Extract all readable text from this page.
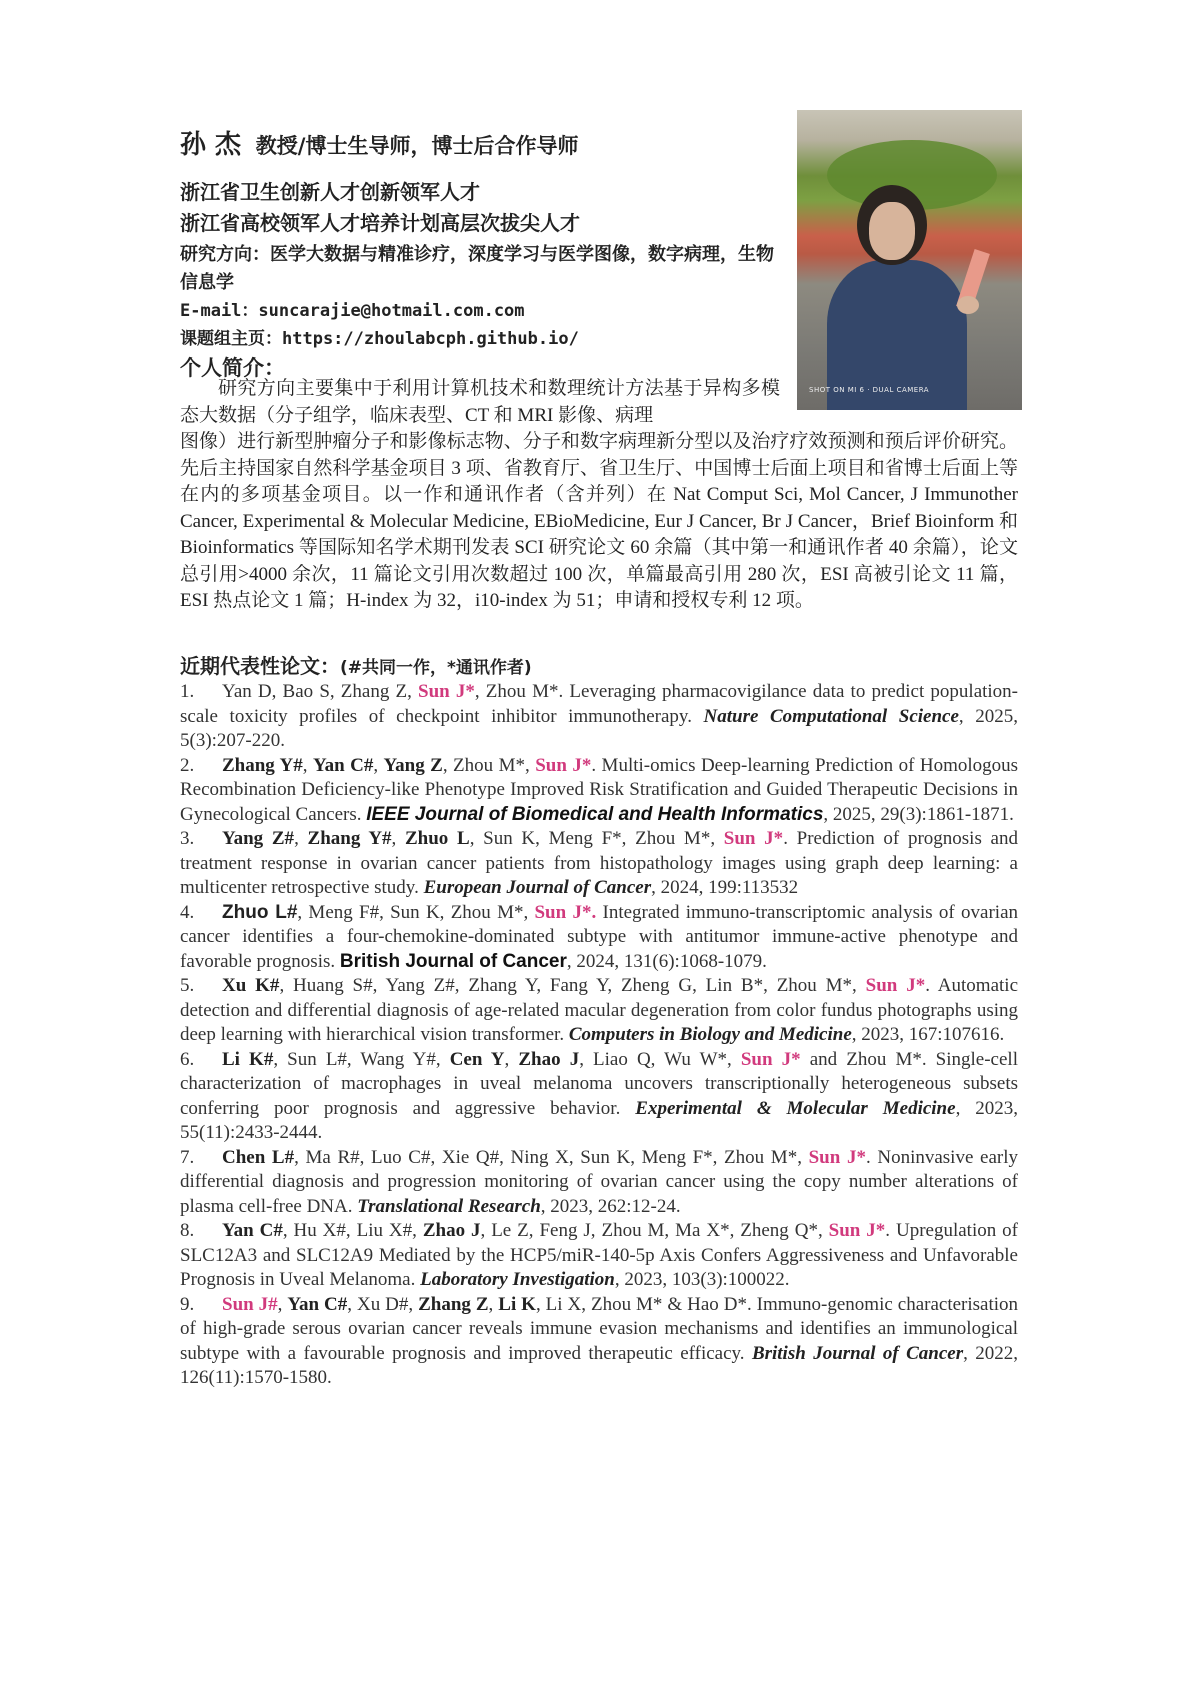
孙 杰 教授/博士生导师，博士后合作导师
浙江省卫生创新人才创新领军人才
浙江省高校领军人才培养计划高层次拔尖人才
研究方向：医学大数据与精准诊疗，深度学习与医学图像，数字病理，生物信息学
E-mail：suncarajie@hotmail.com.com
课题组主页：https://zhoulabcph.github.io/
个人简介：
SHOT ON MI 6 · DUAL CAMERA

研究方向主要集中于利用计算机技术和数理统计方法基于异构多模态大数据（分子组学，临床表型、CT 和 MRI 影像、病理

图像）进行新型肿瘤分子和影像标志物、分子和数字病理新分型以及治疗疗效预测和预后评价研究。先后主持国家自然科学基金项目 3 项、省教育厅、省卫生厅、中国博士后面上项目和省博士后面上等在内的多项基金项目。以一作和通讯作者（含并列）在 Nat Comput Sci, Mol Cancer, J Immunother Cancer, Experimental & Molecular Medicine, EBioMedicine, Eur J Cancer, Br J Cancer，Brief Bioinform 和 Bioinformatics 等国际知名学术期刊发表 SCI 研究论文 60 余篇（其中第一和通讯作者 40 余篇），论文总引用>4000 余次，11 篇论文引用次数超过 100 次，单篇最高引用 280 次，ESI 高被引论文 11 篇，ESI 热点论文 1 篇；H-index 为 32，i10-index 为 51；申请和授权专利 12 项。

近期代表性论文：(#共同一作，*通讯作者)

1. Yan D, Bao S, Zhang Z, Sun J*, Zhou M*. Leveraging pharmacovigilance data to predict population-scale toxicity profiles of checkpoint inhibitor immunotherapy. Nature Computational Science, 2025, 5(3):207-220.

2. Zhang Y#, Yan C#, Yang Z, Zhou M*, Sun J*. Multi-omics Deep-learning Prediction of Homologous Recombination Deficiency-like Phenotype Improved Risk Stratification and Guided Therapeutic Decisions in Gynecological Cancers. IEEE Journal of Biomedical and Health Informatics, 2025, 29(3):1861-1871.

3. Yang Z#, Zhang Y#, Zhuo L, Sun K, Meng F*, Zhou M*, Sun J*. Prediction of prognosis and treatment response in ovarian cancer patients from histopathology images using graph deep learning: a multicenter retrospective study. European Journal of Cancer, 2024, 199:113532

4. Zhuo L#, Meng F#, Sun K, Zhou M*, Sun J*. Integrated immuno-transcriptomic analysis of ovarian cancer identifies a four-chemokine-dominated subtype with antitumor immune-active phenotype and favorable prognosis. British Journal of Cancer, 2024, 131(6):1068-1079.

5. Xu K#, Huang S#, Yang Z#, Zhang Y, Fang Y, Zheng G, Lin B*, Zhou M*, Sun J*. Automatic detection and differential diagnosis of age-related macular degeneration from color fundus photographs using deep learning with hierarchical vision transformer. Computers in Biology and Medicine, 2023, 167:107616.

6. Li K#, Sun L#, Wang Y#, Cen Y, Zhao J, Liao Q, Wu W*, Sun J* and Zhou M*. Single-cell characterization of macrophages in uveal melanoma uncovers transcriptionally heterogeneous subsets conferring poor prognosis and aggressive behavior. Experimental & Molecular Medicine, 2023, 55(11):2433-2444.

7. Chen L#, Ma R#, Luo C#, Xie Q#, Ning X, Sun K, Meng F*, Zhou M*, Sun J*. Noninvasive early differential diagnosis and progression monitoring of ovarian cancer using the copy number alterations of plasma cell-free DNA. Translational Research, 2023, 262:12-24.

8. Yan C#, Hu X#, Liu X#, Zhao J, Le Z, Feng J, Zhou M, Ma X*, Zheng Q*, Sun J*. Upregulation of SLC12A3 and SLC12A9 Mediated by the HCP5/miR-140-5p Axis Confers Aggressiveness and Unfavorable Prognosis in Uveal Melanoma. Laboratory Investigation, 2023, 103(3):100022.

9. Sun J#, Yan C#, Xu D#, Zhang Z, Li K, Li X, Zhou M* & Hao D*. Immuno-genomic characterisation of high-grade serous ovarian cancer reveals immune evasion mechanisms and identifies an immunological subtype with a favourable prognosis and improved therapeutic efficacy. British Journal of Cancer, 2022, 126(11):1570-1580.
